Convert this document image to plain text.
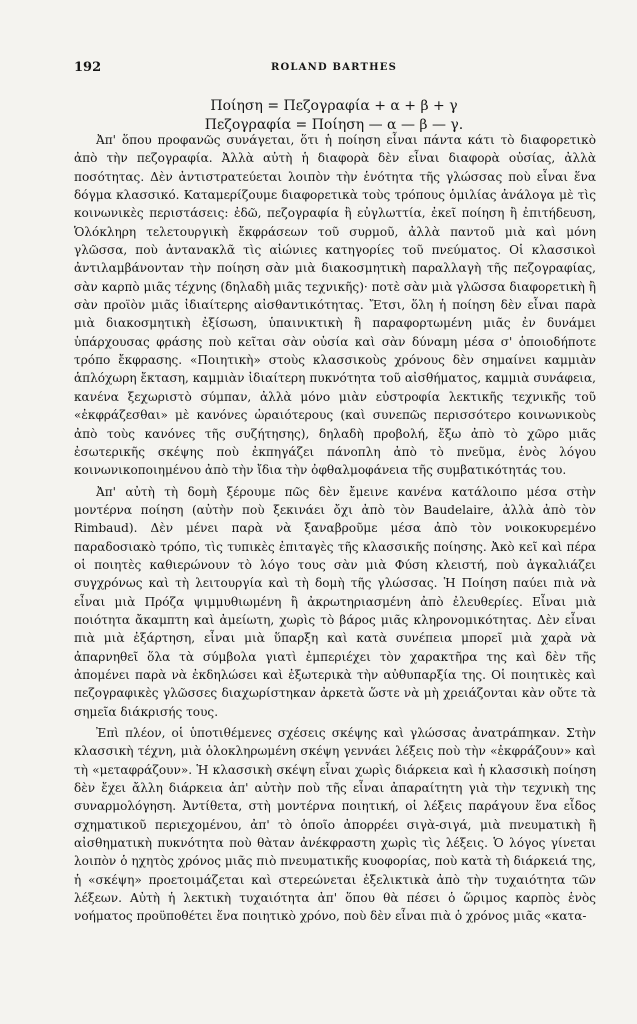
192	ROLAND BARTHES
Ποίηση = Πεζογραφία + α + β + γ
Πεζογραφία = Ποίηση — α — β — γ.

Ἀπ' ὅπου προφανῶς συνάγεται, ὅτι ἡ ποίηση εἶναι πάντα κάτι τὸ διαφορετικὸ ἀπὸ τὴν πεζογραφία. Ἀλλὰ αὐτὴ ἡ διαφορὰ δὲν εἶναι διαφορὰ οὐσίας, ἀλλὰ ποσότητας. Δὲν ἀντιστρατεύεται λοιπὸν τὴν ἑνότητα τῆς γλώσσας ποὺ εἶναι ἕνα δόγμα κλασσικό. Καταμερίζουμε διαφορετικὰ τοὺς τρόπους ὁμιλίας ἀνάλογα μὲ τὶς κοινωνικὲς περιστάσεις: ἐδῶ, πεζογραφία ἢ εὐγλωττία, ἐκεῖ ποίηση ἢ ἐπιτήδευση, Ὁλόκληρη τελετουργικὴ ἔκφράσεων τοῦ συρμοῦ, ἀλλὰ παντοῦ μιὰ καὶ μόνη γλῶσσα, ποὺ ἀντανακλᾶ τὶς αἰώνιες κατηγορίες τοῦ πνεύματος. Οἱ κλασσικοὶ ἀντιλαμβάνονταν τὴν ποίηση σὰν μιὰ διακοσμητικὴ παραλλαγὴ τῆς πεζογραφίας, σὰν καρπὸ μιᾶς τέχνης (δηλαδὴ μιᾶς τεχνικῆς)· ποτὲ σὰν μιὰ γλῶσσα διαφορετικὴ ἢ σὰν προϊὸν μιᾶς ἰδιαίτερης αἰσθαντικότητας. Ἔτσι, ὅλη ἡ ποίηση δὲν εἶναι παρὰ μιὰ διακοσμητικὴ ἐξίσωση, ὑπαινικτικὴ ἢ παραφορτωμένη μιᾶς ἐν δυνάμει ὑπάρχουσας φράσης ποὺ κεῖται σὰν οὐσία καὶ σὰν δύναμη μέσα σ' ὁποιοδήποτε τρόπο ἔκφρασης. «Ποιητικὴ» στοὺς κλασσικοὺς χρόνους δὲν σημαίνει καμμιὰν ἁπλόχωρη ἔκταση, καμμιὰν ἰδιαίτερη πυκνότητα τοῦ αἰσθήματος, καμμιὰ συνάφεια, κανένα ξεχωριστὸ σύμπαν, ἀλλὰ μόνο μιὰν εὐστροφία λεκτικῆς τεχνικῆς τοῦ «ἐκφράζεσθαι» μὲ κανόνες ὡραιότερους (καὶ συνεπῶς περισσότερο κοινωνικοὺς ἀπὸ τοὺς κανόνες τῆς συζήτησης), δηλαδὴ προβολή, ἔξω ἀπὸ τὸ χῶρο μιᾶς ἐσωτερικῆς σκέψης ποὺ ἐκπηγάζει πάνοπλη ἀπὸ τὸ πνεῦμα, ἑνὸς λόγου κοινωνικοποιημένου ἀπὸ τὴν ἴδια τὴν ὀφθαλμοφάνεια τῆς συμβατικότητάς του.

Ἀπ' αὐτὴ τὴ δομὴ ξέρουμε πῶς δὲν ἔμεινε κανένα κατάλοιπο μέσα στὴν μοντέρνα ποίηση (αὐτὴν ποὺ ξεκινάει ὄχι ἀπὸ τὸν Baudelaire, ἀλλὰ ἀπὸ τὸν Rimbaud). Δὲν μένει παρὰ νὰ ξαναβροῦμε μέσα ἀπὸ τὸν νοικοκυρεμένο παραδοσιακὸ τρόπο, τὶς τυπικὲς ἐπιταγὲς τῆς κλασσικῆς ποίησης. Ἀκὸ κεῖ καὶ πέρα οἱ ποιητὲς καθιερώνουν τὸ λόγο τους σὰν μιὰ Φύση κλειστή, ποὺ ἀγκαλιάζει συγχρόνως καὶ τὴ λειτουργία καὶ τὴ δομὴ τῆς γλώσσας. Ἡ Ποίηση παύει πιὰ νὰ εἶναι μιὰ Πρόζα ψιμμυθιωμένη ἢ ἀκρωτηριασμένη ἀπὸ ἐλευθερίες. Εἶναι μιὰ ποιότητα ἄκαμπτη καὶ ἀμείωτη, χωρὶς τὸ βάρος μιᾶς κληρονομικότητας. Δὲν εἶναι πιὰ μιὰ ἐξάρτηση, εἶναι μιὰ ὕπαρξη καὶ κατὰ συνέπεια μπορεῖ μιὰ χαρὰ νὰ ἀπαρνηθεῖ ὅλα τὰ σύμβολα γιατὶ ἐμπεριέχει τὸν χαρακτῆρα της καὶ δὲν τῆς ἀπομένει παρὰ νὰ ἐκδηλώσει καὶ ἐξωτερικὰ τὴν αὐθυπαρξία της. Οἱ ποιητικὲς καὶ πεζογραφικὲς γλῶσσες διαχωρίστηκαν ἀρκετὰ ὥστε νὰ μὴ χρειάζονται κὰν οὔτε τὰ σημεῖα διάκρισής τους.

Ἐπὶ πλέον, οἱ ὑποτιθέμενες σχέσεις σκέψης καὶ γλώσσας ἀνατράπηκαν. Στὴν κλασσικὴ τέχνη, μιὰ ὁλοκληρωμένη σκέψη γεννάει λέξεις ποὺ τὴν «ἐκφράζουν» καὶ τὴ «μεταφράζουν». Ἡ κλασσικὴ σκέψη εἶναι χωρὶς διάρκεια καὶ ἡ κλασσικὴ ποίηση δὲν ἔχει ἄλλη διάρκεια ἀπ' αὐτὴν ποὺ τῆς εἶναι ἀπαραίτητη γιὰ τὴν τεχνικὴ της συναρμολόγηση. Ἀντίθετα, στὴ μοντέρνα ποιητική, οἱ λέξεις παράγουν ἕνα εἶδος σχηματικοῦ περιεχομένου, ἀπ' τὸ ὁποῖο ἀπορρέει σιγὰ-σιγά, μιὰ πνευματικὴ ἢ αἰσθηματικὴ πυκνότητα ποὺ θὰταν ἀνέκφραστη χωρὶς τὶς λέξεις. Ὁ λόγος γίνεται λοιπὸν ὁ ηχητὸς χρόνος μιᾶς πιὸ πνευματικῆς κυοφορίας, ποὺ κατὰ τὴ διάρκειά της, ἡ «σκέψη» προετοιμάζεται καὶ στερεώνεται ἐξελικτικὰ ἀπὸ τὴν τυχαιότητα τῶν λέξεων. Αὐτὴ ἡ λεκτικὴ τυχαιότητα ἀπ' ὅπου θὰ πέσει ὁ ὥριμος καρπὸς ἑνὸς νοήματος προϋποθέτει ἕνα ποιητικὸ χρόνο, ποὺ δὲν εἶναι πιὰ ὁ χρόνος μιᾶς «κατα-
